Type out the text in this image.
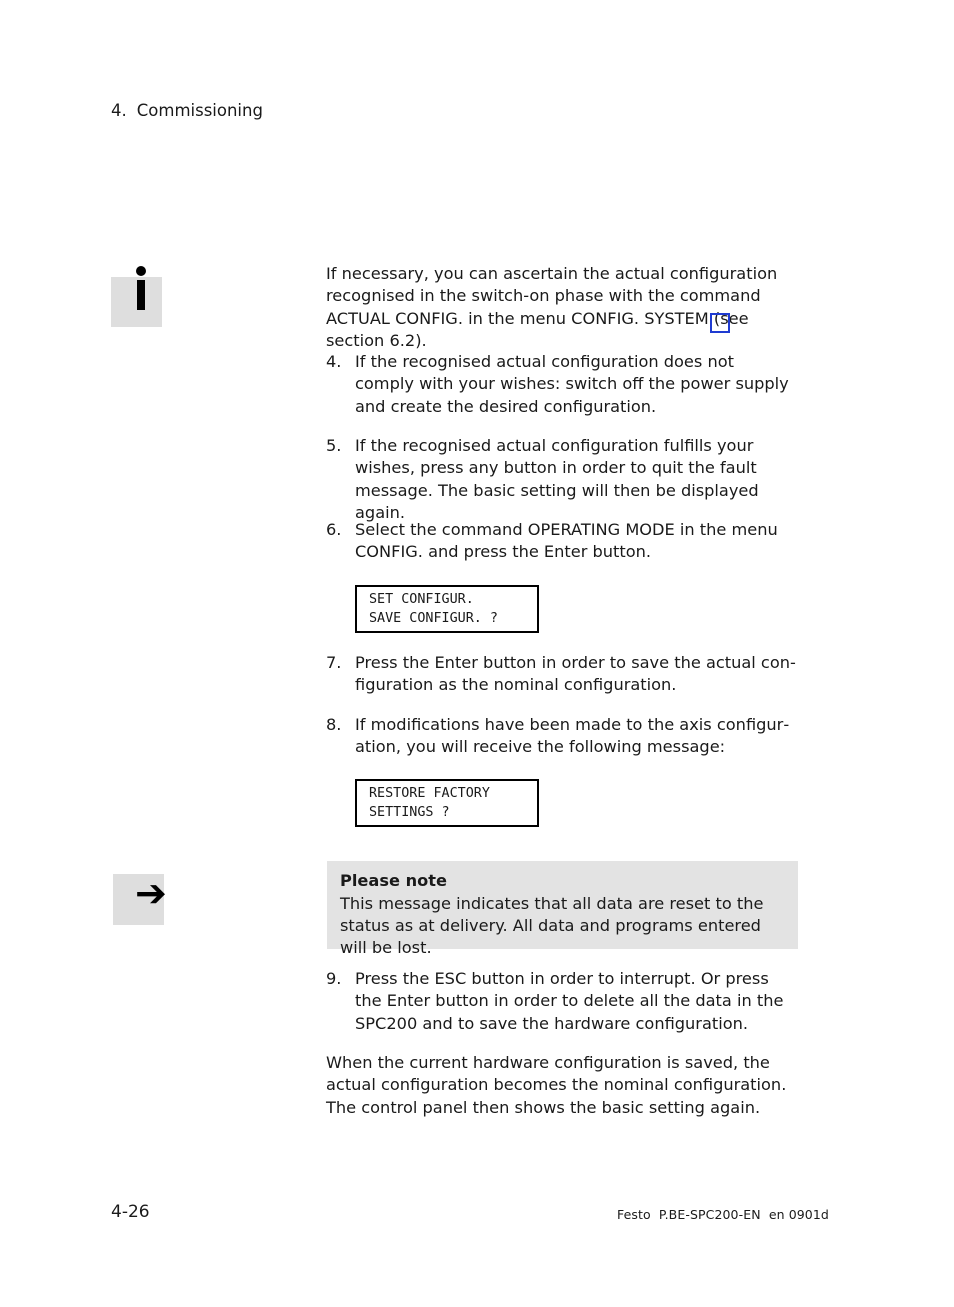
4. Commissioning
If necessary, you can ascertain the actual configuration recognised in the switch-on phase with the command ACTUAL CONFIG. in the menu CONFIG. SYSTEM (see section 6.2).
4. If the recognised actual configuration does not comply with your wishes: switch off the power supply and create the desired configuration.
5. If the recognised actual configuration fulfills your wishes, press any button in order to quit the fault message. The basic setting will then be displayed again.
6. Select the command OPERATING MODE in the menu CONFIG. and press the Enter button.
SET CONFIGUR.
SAVE CONFIGUR. ?
7. Press the Enter button in order to save the actual configuration as the nominal configuration.
8. If modifications have been made to the axis configuration, you will receive the following message:
RESTORE FACTORY
SETTINGS ?
➔	Please note
This message indicates that all data are reset to the status as at delivery. All data and programs entered will be lost.
9. Press the ESC button in order to interrupt. Or press the Enter button in order to delete all the data in the SPC200 and to save the hardware configuration.
When the current hardware configuration is saved, the actual configuration becomes the nominal configuration. The control panel then shows the basic setting again.
4-26	Festo  P.BE-SPC200-EN  en 0901d
